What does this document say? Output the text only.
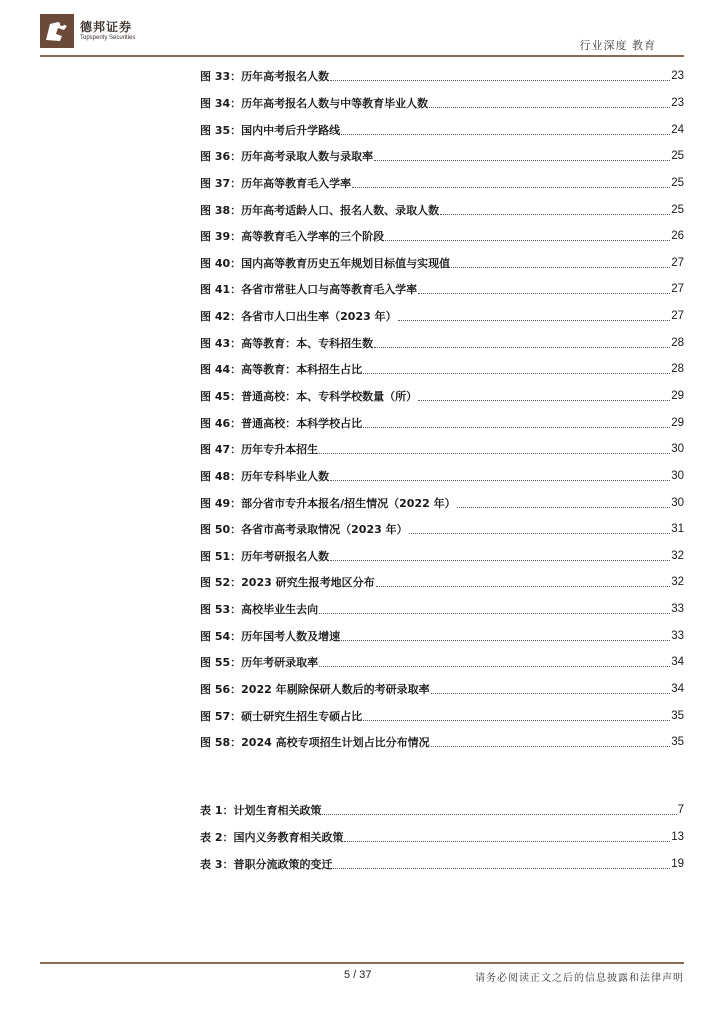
德邦证券
Topsperity Securities
行业深度 教育
图 33：历年高考报名人数	23
图 34：历年高考报名人数与中等教育毕业人数	23
图 35：国内中考后升学路线	24
图 36：历年高考录取人数与录取率	25
图 37：历年高等教育毛入学率	25
图 38：历年高考适龄人口、报名人数、录取人数	25
图 39：高等教育毛入学率的三个阶段	26
图 40：国内高等教育历史五年规划目标值与实现值	27
图 41：各省市常驻人口与高等教育毛入学率	27
图 42：各省市人口出生率（2023 年）	27
图 43：高等教育：本、专科招生数	28
图 44：高等教育：本科招生占比	28
图 45：普通高校：本、专科学校数量（所）	29
图 46：普通高校：本科学校占比	29
图 47：历年专升本招生	30
图 48：历年专科毕业人数	30
图 49：部分省市专升本报名/招生情况（2022 年）	30
图 50：各省市高考录取情况（2023 年）	31
图 51：历年考研报名人数	32
图 52：2023 研究生报考地区分布	32
图 53：高校毕业生去向	33
图 54：历年国考人数及增速	33
图 55：历年考研录取率	34
图 56：2022 年剔除保研人数后的考研录取率	34
图 57：硕士研究生招生专硕占比	35
图 58：2024 高校专项招生计划占比分布情况	35
表 1：计划生育相关政策	7
表 2：国内义务教育相关政策	13
表 3：普职分流政策的变迁	19
5 / 37	请务必阅读正文之后的信息披露和法律声明
